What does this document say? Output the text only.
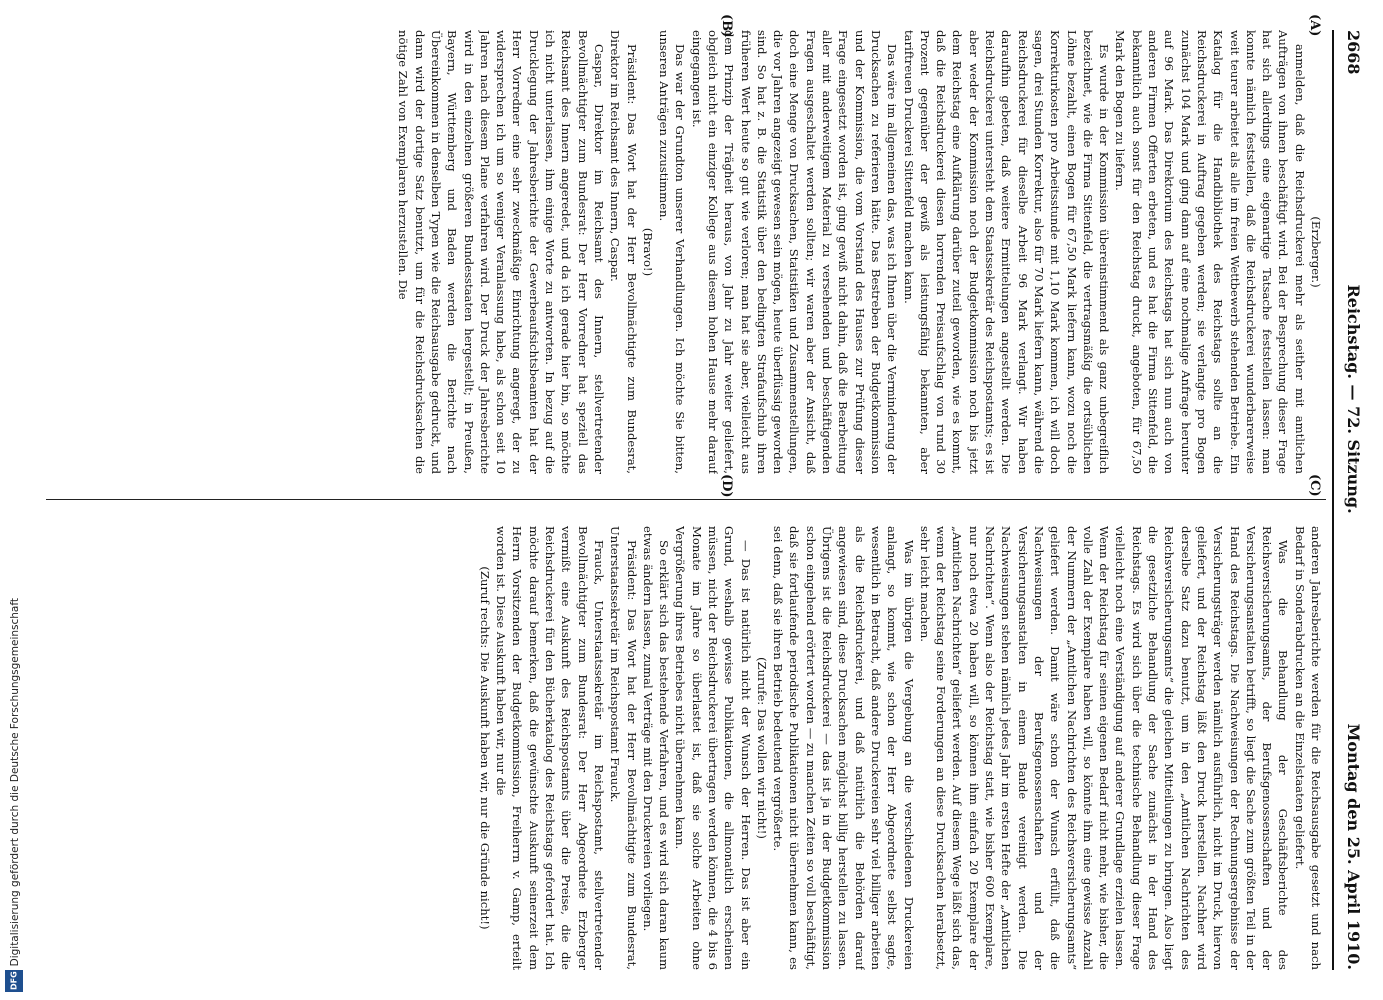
Digitalisierung gefördert durch die Deutsche Forschungsgemeinschaft
DFG
2668
Reichstag. — 72. Sitzung.
Montag den 25. April 1910.
(A)
(B)
(C)
(D)

(Erzberger.)

anmelden, daß die Reichsdruckerei mehr als seither mit amtlichen Aufträgen von ihnen beschäftigt wird. Bei der Besprechung dieser Frage hat sich allerdings eine eigenartige Tatsache feststellen lassen: man konnte nämlich feststellen, daß die Reichsdruckerei wunderbarerweise weit teurer arbeitet als alle im freien Wettbewerb stehenden Betriebe. Ein Katalog für die Handbibliothek des Reichstags sollte an die Reichsdruckerei in Auftrag gegeben werden; sie verlangte pro Bogen zunächst 104 Mark und ging dann auf eine nochmalige Anfrage herunter auf 96 Mark. Das Direktorium des Reichstags hat sich nun auch von anderen Firmen Offerten erbeten, und es hat die Firma Sittenfeld, die bekanntlich auch sonst für den Reichstag druckt, angeboten, für 67,50 Mark den Bogen zu liefern.

Es wurde in der Kommission übereinstimmend als ganz unbegreiflich bezeichnet, wie die Firma Sittenfeld, die vertragsmäßig die ortsüblichen Löhne bezahlt, einen Bogen für 67,50 Mark liefern kann, wozu noch die Korrekturkosten pro Arbeitsstunde mit 1,10 Mark kommen, ich will doch sagen, drei Stunden Korrektur, also für 70 Mark liefern kann, während die Reichsdruckerei für dieselbe Arbeit 96 Mark verlangt. Wir haben daraufhin gebeten, daß weitere Ermittelungen angestellt werden. Die Reichsdruckerei untersteht dem Staatssekretär des Reichspostamts; es ist aber weder der Kommission noch der Budgetkommission noch bis jetzt dem Reichstag eine Aufklärung darüber zuteil geworden, wie es kommt, daß die Reichsdruckerei diesen horrenden Preisaufschlag von rund 30 Prozent gegenüber der gewiß als leistungsfähig bekannten, aber tariftreuen Druckerei Sittenfeld machen kann.

Das wäre im allgemeinen das, was ich Ihnen über die Verminderung der Drucksachen zu referieren hätte. Das Bestreben der Budgetkommission und der Kommission, die vom Vorstand des Hauses zur Prüfung dieser Frage eingesetzt worden ist, ging gewiß nicht dahin, daß die Bearbeitung aller mit anderweitigem Material zu versehenden und beschäftigenden Fragen ausgeschaltet werden sollten; wir waren aber der Ansicht, daß doch eine Menge von Drucksachen, Statistiken und Zusammenstellungen, die vor Jahren angezeigt gewesen sein mögen, heute überflüssig geworden sind. So hat z. B. die Statistik über den bedingten Strafaufschub ihren früheren Wert heute so gut wie verloren; man hat sie aber, vielleicht aus dem Prinzip der Trägheit heraus, von Jahr zu Jahr weiter geliefert, obgleich nicht ein einziger Kollege aus diesem hohen Hause mehr darauf eingegangen ist.

Das war der Grundton unserer Verhandlungen. Ich möchte Sie bitten, unseren Anträgen zuzustimmen.

(Bravo!)

Präsident: Das Wort hat der Herr Bevollmächtigte zum Bundesrat, Direktor im Reichsamt des Innern, Caspar.

Caspar, Direktor im Reichsamt des Innern, stellvertretender Bevollmächtigter zum Bundesrat: Der Herr Vorredner hat speziell das Reichsamt des Innern angeredet, und da ich gerade hier bin, so möchte ich nicht unterlassen, ihm einige Worte zu antworten. In bezug auf die Drucklegung der Jahresberichte der Gewerbeaufsichtsbeamten hat der Herr Vorredner eine sehr zweckmäßige Einrichtung angeregt, der zu widersprechen ich um so weniger Veranlassung habe, als schon seit 10 Jahren nach diesem Plane verfahren wird. Der Druck der Jahresberichte wird in den einzelnen größeren Bundesstaaten hergestellt; in Preußen, Bayern, Württemberg und Baden werden die Berichte nach Übereinkommen in denselben Typen wie die Reichsausgabe gedruckt, und dann wird der dortige Satz benutzt, um für die Reichsdrucksachen die nötige Zahl von Exemplaren herzustellen. Die

anderen Jahresberichte werden für die Reichsausgabe gesetzt und nach Bedarf in Sonderabdrucken an die Einzelstaaten geliefert.

Was die Behandlung der Geschäftsberichte des Reichsversicherungsamts, der Berufsgenossenschaften und der Versicherungsanstalten betrifft, so liegt die Sache zum größten Teil in der Hand des Reichstags. Die Nachweisungen der Rechnungsergebnisse der Versicherungsträger werden nämlich ausführlich, nicht im Druck, hiervon geliefert, und der Reichstag läßt den Druck herstellen. Nachher wird derselbe Satz dazu benutzt, um in den „Amtlichen Nachrichten des Reichsversicherungsamts“ die gleichen Mitteilungen zu bringen. Also liegt die gesetzliche Behandlung der Sache zunächst in der Hand des Reichstags. Es wird sich über die technische Behandlung dieser Frage vielleicht noch eine Verständigung auf anderer Grundlage erzielen lassen. Wenn der Reichstag für seinen eigenen Bedarf nicht mehr, wie bisher, die volle Zahl der Exemplare haben will, so könnte ihm eine gewisse Anzahl der Nummern der „Amtlichen Nachrichten des Reichsversicherungsamts“ geliefert werden. Damit wäre schon der Wunsch erfüllt, daß die Nachweisungen der Berufsgenossenschaften und der Versicherungsanstalten in einem Bande vereinigt werden. Die Nachweisungen stehen nämlich jedes Jahr im ersten Hefte der „Amtlichen Nachrichten“. Wenn also der Reichstag statt, wie bisher 600 Exemplare, nur noch etwa 20 haben will, so können ihm einfach 20 Exemplare der „Amtlichen Nachrichten“ geliefert werden. Auf diesem Wege läßt sich das, wenn der Reichstag seine Forderungen an diese Drucksachen herabsetzt, sehr leicht machen.

Was im übrigen die Vergebung an die verschiedenen Druckereien anlangt, so kommt, wie schon der Herr Abgeordnete selbst sagte, wesentlich in Betracht, daß andere Druckereien sehr viel billiger arbeiten als die Reichsdruckerei, und daß natürlich die Behörden darauf angewiesen sind, diese Drucksachen möglichst billig herstellen zu lassen. Übrigens ist die Reichsdruckerei — das ist ja in der Budgetkommission schon eingehend erörtert worden — zu manchen Zeiten so voll beschäftigt, daß sie fortlaufende periodische Publikationen nicht übernehmen kann, es sei denn, daß sie ihren Betrieb bedeutend vergrößerte.

(Zurufe: Das wollen wir nicht!)

— Das ist natürlich nicht der Wunsch der Herren. Das ist aber ein Grund, weshalb gewisse Publikationen, die allmonatlich erscheinen müssen, nicht der Reichsdruckerei übertragen werden können, die 4 bis 6 Monate im Jahre so überlastet ist, daß sie solche Arbeiten ohne Vergrößerung ihres Betriebes nicht übernehmen kann.

So erklärt sich das bestehende Verfahren, und es wird sich daran kaum etwas ändern lassen, zumal Verträge mit den Druckereien vorliegen.

Präsident: Das Wort hat der Herr Bevollmächtigte zum Bundesrat, Unterstaatssekretär im Reichspostamt Frauck.

Frauck, Unterstaatssekretär im Reichspostamt, stellvertretender Bevollmächtigter zum Bundesrat: Der Herr Abgeordnete Erzberger vermißt eine Auskunft des Reichspostamts über die Preise, die die Reichsdruckerei für den Bücherkatalog des Reichstags gefordert hat. Ich möchte darauf bemerken, daß die gewünschte Auskunft seinerzeit dem Herrn Vorsitzenden der Budgetkommission, Freiherrn v. Gamp, erteilt worden ist. Diese Auskunft haben wir, nur die

(Zuruf rechts: Die Auskunft haben wir, nur die Gründe nicht!)
